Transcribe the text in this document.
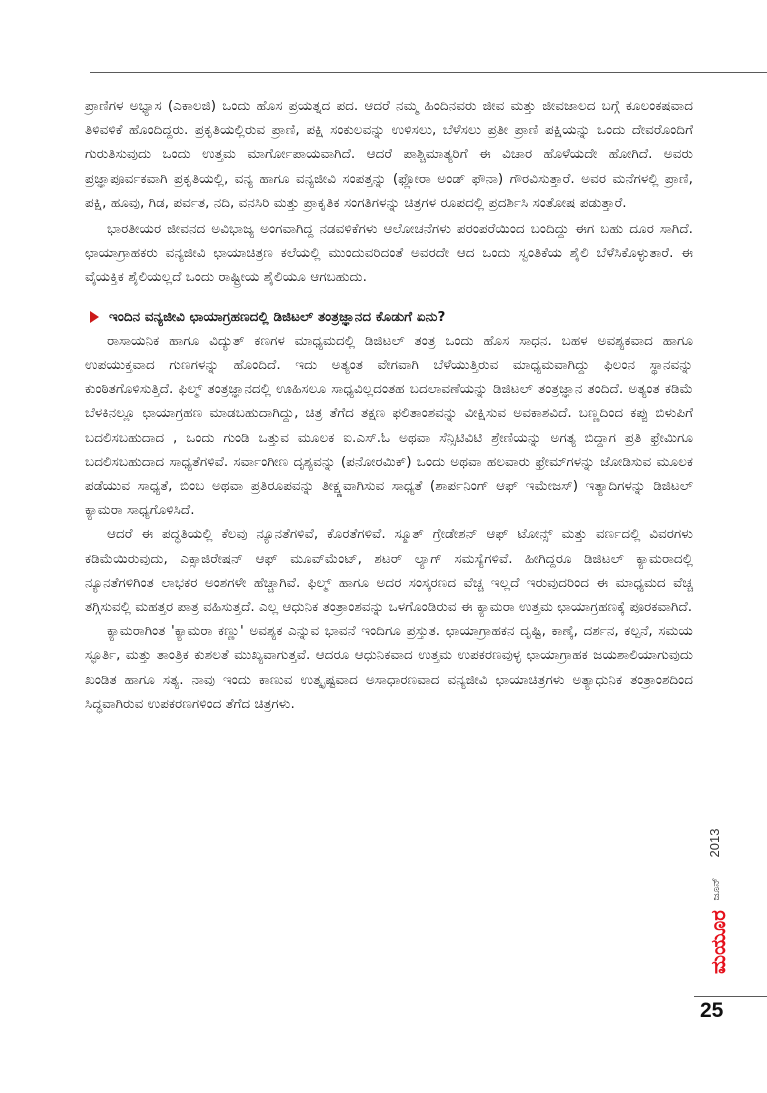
ಪ್ರಾಣಿಗಳ ಅಭ್ಯಾಸ (ಎಕಾಲಜಿ) ಒಂದು ಹೊಸ ಪ್ರಯತ್ನದ ಪದ. ಆದರೆ ನಮ್ಮ ಹಿಂದಿನವರು ಜೀವ ಮತ್ತು ಜೀವಜಾಲದ ಬಗ್ಗೆ ಕೂಲಂಕಷವಾದ ತಿಳಿವಳಿಕೆ ಹೊಂದಿದ್ದರು. ಪ್ರಕೃತಿಯಲ್ಲಿರುವ ಪ್ರಾಣಿ, ಪಕ್ಷಿ ಸಂಕುಲವನ್ನು ಉಳಿಸಲು, ಬೆಳೆಸಲು ಪ್ರತೀ ಪ್ರಾಣಿ ಪಕ್ಷಿಯನ್ನು ಒಂದು ದೇವರೊಂದಿಗೆ ಗುರುತಿಸುವುದು ಒಂದು ಉತ್ತಮ ಮಾರ್ಗೋಪಾಯವಾಗಿದೆ. ಆದರೆ ಪಾಶ್ಚಿಮಾತ್ಯರಿಗೆ ಈ ವಿಚಾರ ಹೊಳೆಯದೇ ಹೋಗಿದೆ. ಅವರು ಪ್ರಜ್ಞಾಪೂರ್ವಕವಾಗಿ ಪ್ರಕೃತಿಯಲ್ಲಿ, ವನ್ಯ ಹಾಗೂ ವನ್ಯಜೀವಿ ಸಂಪತ್ತನ್ನು (ಫ್ಲೋರಾ ಅಂಡ್ ಫೌನಾ) ಗೌರವಿಸುತ್ತಾರೆ. ಅವರ ಮನೆಗಳಲ್ಲಿ ಪ್ರಾಣಿ, ಪಕ್ಷಿ, ಹೂವು, ಗಿಡ, ಪರ್ವತ, ನದಿ, ವನಸಿರಿ ಮತ್ತು ಪ್ರಾಕೃತಿಕ ಸಂಗತಿಗಳನ್ನು ಚಿತ್ರಗಳ ರೂಪದಲ್ಲಿ ಪ್ರದರ್ಶಿಸಿ ಸಂತೋಷ ಪಡುತ್ತಾರೆ.

ಭಾರತೀಯರ ಜೀವನದ ಅವಿಭಾಜ್ಯ ಅಂಗವಾಗಿದ್ದ ನಡವಳಿಕೆಗಳು ಆಲೋಚನೆಗಳು ಪರಂಪರೆಯಿಂದ ಬಂದಿದ್ದು ಈಗ ಬಹು ದೂರ ಸಾಗಿದೆ. ಛಾಯಾಗ್ರಾಹಕರು ವನ್ಯಜೀವಿ ಛಾಯಾಚಿತ್ರಣ ಕಲೆಯಲ್ಲಿ ಮುಂದುವರಿದಂತೆ ಅವರದೇ ಆದ ಒಂದು ಸ್ವಂತಿಕೆಯ ಶೈಲಿ ಬೆಳೆಸಿಕೊಳ್ಳುತಾರೆ. ಈ ವೈಯಕ್ತಿಕ ಶೈಲಿಯಲ್ಲದೆ ಒಂದು ರಾಷ್ಟ್ರೀಯ ಶೈಲಿಯೂ ಆಗಬಹುದು.

ಇಂದಿನ ವನ್ಯಜೀವಿ ಛಾಯಾಗ್ರಹಣದಲ್ಲಿ ಡಿಜಿಟಲ್ ತಂತ್ರಜ್ಞಾನದ ಕೊಡುಗೆ ಏನು?

ರಾಸಾಯನಿಕ ಹಾಗೂ ವಿದ್ಯುತ್ ಕಣಗಳ ಮಾಧ್ಯಮದಲ್ಲಿ ಡಿಜಿಟಲ್ ತಂತ್ರ ಒಂದು ಹೊಸ ಸಾಧನ. ಬಹಳ ಅವಶ್ಯಕವಾದ ಹಾಗೂ ಉಪಯುಕ್ತವಾದ ಗುಣಗಳನ್ನು ಹೊಂದಿದೆ. ಇದು ಅತ್ಯಂತ ವೇಗವಾಗಿ ಬೆಳೆಯುತ್ತಿರುವ ಮಾಧ್ಯಮವಾಗಿದ್ದು ಫಿಲಂನ ಸ್ಥಾನವನ್ನು ಕುಂಠಿತಗೊಳಿಸುತ್ತಿದೆ. ಫಿಲ್ಮ್ ತಂತ್ರಜ್ಞಾನದಲ್ಲಿ ಊಹಿಸಲೂ ಸಾಧ್ಯವಿಲ್ಲದಂತಹ ಬದಲಾವಣೆಯನ್ನು ಡಿಜಿಟಲ್ ತಂತ್ರಜ್ಞಾನ ತಂದಿದೆ. ಅತ್ಯಂತ ಕಡಿಮೆ ಬೆಳಕಿನಲ್ಲೂ ಛಾಯಾಗ್ರಹಣ ಮಾಡಬಹುದಾಗಿದ್ದು, ಚಿತ್ರ ತೆಗೆದ ತಕ್ಷಣ ಫಲಿತಾಂಶವನ್ನು ವೀಕ್ಷಿಸುವ ಅವಕಾಶವಿದೆ. ಬಣ್ಣದಿಂದ ಕಪ್ಪು ಬಿಳುಪಿಗೆ ಬದಲಿಸಬಹುದಾದ , ಒಂದು ಗುಂಡಿ ಒತ್ತುವ ಮೂಲಕ ಐ.ಎಸ್.ಓ ಅಥವಾ ಸೆನ್ಸಿಟಿವಿಟಿ ಶ್ರೇಣಿಯನ್ನು ಅಗತ್ಯ ಬಿದ್ದಾಗ ಪ್ರತಿ ಫ್ರೇಮಿಗೂ ಬದಲಿಸಬಹುದಾದ ಸಾಧ್ಯತೆಗಳಿವೆ. ಸರ್ವಾಂಗೀಣ ದೃಶ್ಯವನ್ನು (ಪನೋರಮಿಕ್) ಒಂದು ಅಥವಾ ಹಲವಾರು ಫ್ರೇಮ್‌ಗಳನ್ನು ಜೋಡಿಸುವ ಮೂಲಕ ಪಡೆಯುವ ಸಾಧ್ಯತೆ, ಬಿಂಬ ಅಥವಾ ಪ್ರತಿರೂಪವನ್ನು ತೀಕ್ಷ್ಣವಾಗಿಸುವ ಸಾಧ್ಯತೆ (ಶಾರ್ಪನಿಂಗ್ ಆಫ್ ಇಮೇಜಸ್) ಇತ್ಯಾದಿಗಳನ್ನು ಡಿಜಿಟಲ್ ಕ್ಯಾಮರಾ ಸಾಧ್ಯಗೊಳಿಸಿದೆ.

ಆದರೆ ಈ ಪದ್ಧತಿಯಲ್ಲಿ ಕೆಲವು ನ್ಯೂನತೆಗಳಿವೆ, ಕೊರತೆಗಳಿವೆ. ಸ್ಮೂತ್ ಗ್ರೇಡೇಶನ್ ಆಫ್ ಟೋನ್ಸ್ ಮತ್ತು ವರ್ಣದಲ್ಲಿ ವಿವರಗಳು ಕಡಿಮೆಯಿರುವುದು, ಎಕ್ಸಾಜಿರೇಷನ್ ಆಫ್ ಮೂವ್‌ಮೆಂಟ್, ಶಟರ್ ಲ್ಯಾಗ್ ಸಮಸ್ಯೆಗಳಿವೆ. ಹೀಗಿದ್ದರೂ ಡಿಜಿಟಲ್ ಕ್ಯಾಮರಾದಲ್ಲಿ ನ್ಯೂನತೆಗಳಿಗಿಂತ ಲಾಭಕರ ಅಂಶಗಳೇ ಹೆಚ್ಚಾಗಿವೆ. ಫಿಲ್ಮ್ ಹಾಗೂ ಅದರ ಸಂಸ್ಕರಣದ ವೆಚ್ಚ ಇಲ್ಲದೆ ಇರುವುದರಿಂದ ಈ ಮಾಧ್ಯಮದ ವೆಚ್ಚ ತಗ್ಗಿಸುವಲ್ಲಿ ಮಹತ್ತರ ಪಾತ್ರ ವಹಿಸುತ್ತದೆ. ಎಲ್ಲ ಆಧುನಿಕ ತಂತ್ರಾಂಶವನ್ನು ಒಳಗೊಂಡಿರುವ ಈ ಕ್ಯಾಮರಾ ಉತ್ತಮ ಛಾಯಾಗ್ರಹಣಕ್ಕೆ ಪೂರಕವಾಗಿದೆ.

ಕ್ಯಾಮರಾಗಿಂತ 'ಕ್ಯಾಮರಾ ಕಣ್ಣು' ಅವಶ್ಯಕ ಎನ್ನುವ ಭಾವನೆ ಇಂದಿಗೂ ಪ್ರಸ್ತುತ. ಛಾಯಾಗ್ರಾಹಕನ ದೃಷ್ಟಿ, ಕಾಣ್ಕೆ, ದರ್ಶನ, ಕಲ್ಪನೆ, ಸಮಯ ಸ್ಫೂರ್ತಿ, ಮತ್ತು ತಾಂತ್ರಿಕ ಕುಶಲತೆ ಮುಖ್ಯವಾಗುತ್ತವೆ. ಆದರೂ ಆಧುನಿಕವಾದ ಉತ್ತಮ ಉಪಕರಣವುಳ್ಳ ಛಾಯಾಗ್ರಾಹಕ ಜಯಶಾಲಿಯಾಗುವುದು ಖಂಡಿತ ಹಾಗೂ ಸತ್ಯ. ನಾವು ಇಂದು ಕಾಣುವ ಉತ್ಕೃಷ್ಟವಾದ ಅಸಾಧಾರಣವಾದ ವನ್ಯಜೀವಿ ಛಾಯಾಚಿತ್ರಗಳು ಅತ್ಯಾಧುನಿಕ ತಂತ್ರಾಂಶದಿಂದ ಸಿದ್ಧವಾಗಿರುವ ಉಪಕರಣಗಳಿಂದ ತೆಗೆದ ಚಿತ್ರಗಳು.

2013
ಜೂನ್
ಮಯೂರ
25
